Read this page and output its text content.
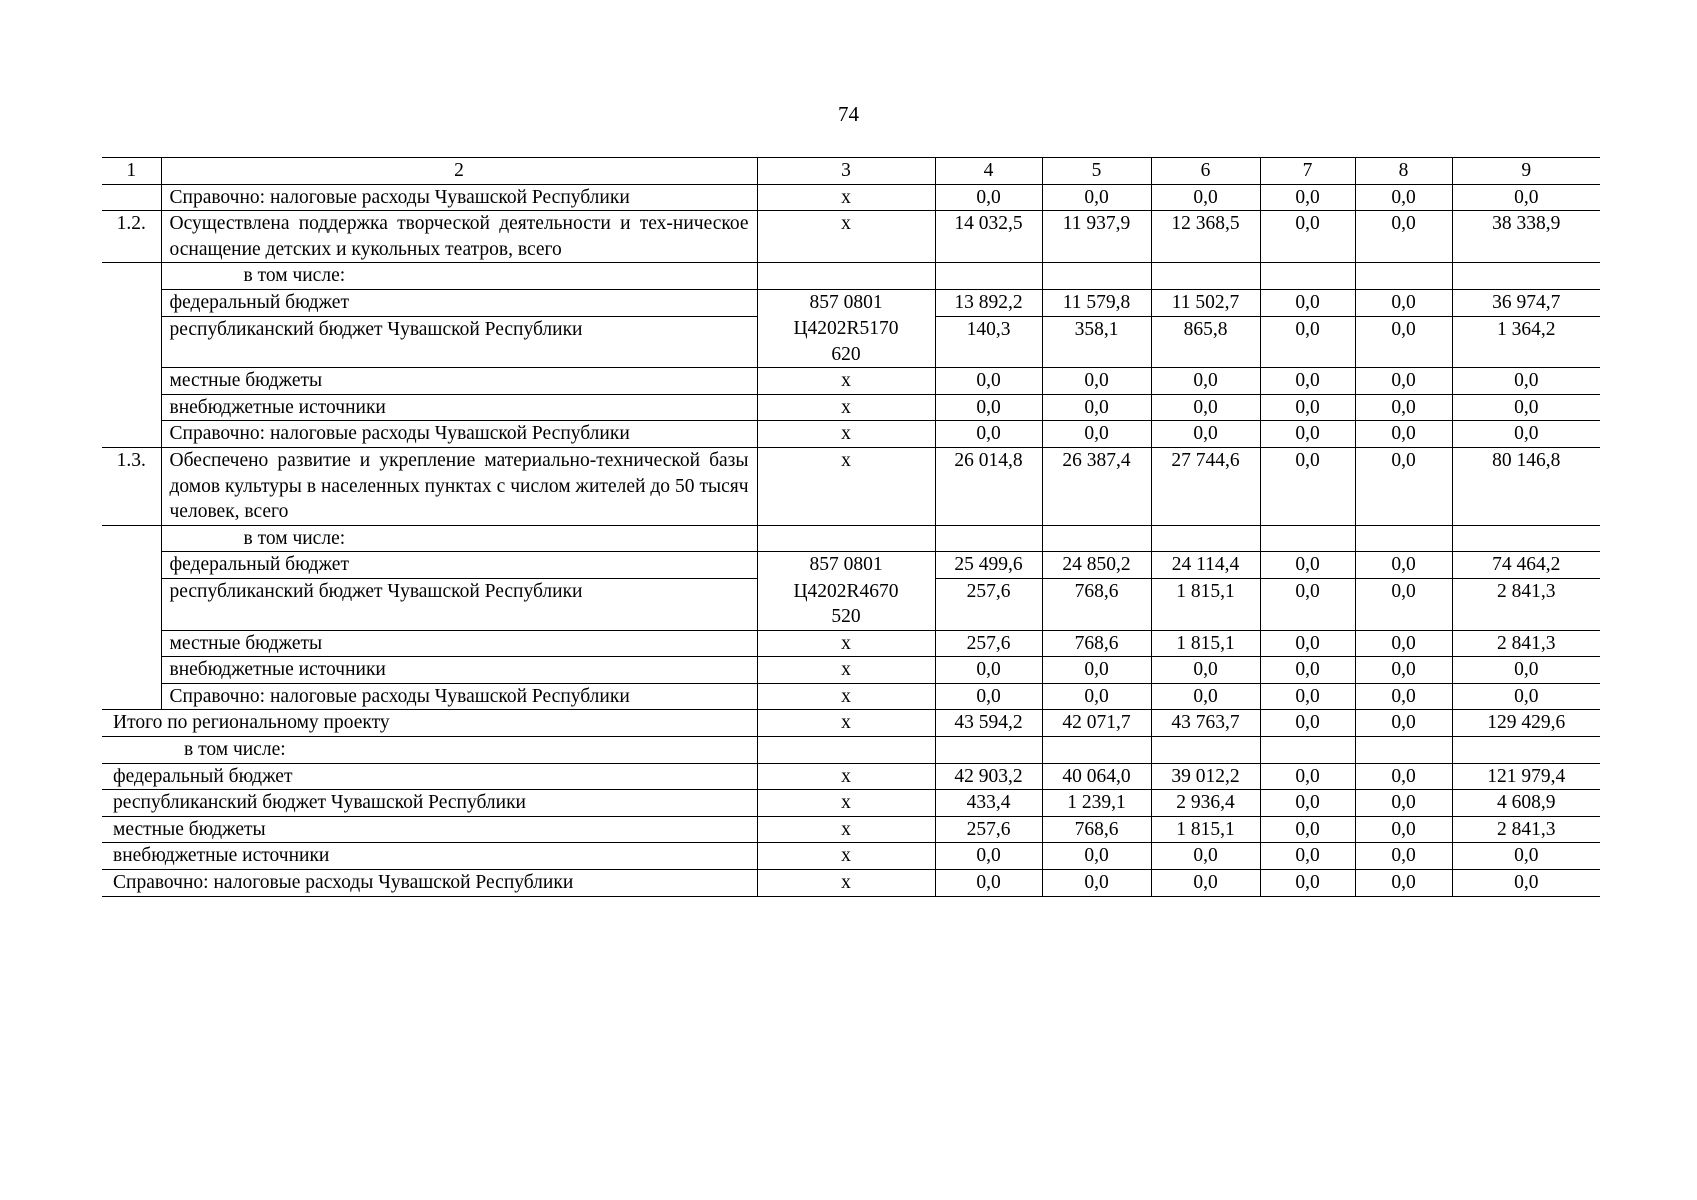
74
1	2	3	4	5	6	7	8	9
	Справочно: налоговые расходы Чувашской Республики	x	0,0	0,0	0,0	0,0	0,0	0,0
1.2.	Осуществлена поддержка творческой деятельности и тех-ническое оснащение детских и кукольных театров, всего	x	14 032,5	11 937,9	12 368,5	0,0	0,0	38 338,9
	в том числе:							
	федеральный бюджет	857 0801	13 892,2	11 579,8	11 502,7	0,0	0,0	36 974,7
	республиканский бюджет Чувашской Республики	Ц4202R5170 620	140,3	358,1	865,8	0,0	0,0	1 364,2
	местные бюджеты	x	0,0	0,0	0,0	0,0	0,0	0,0
	внебюджетные источники	x	0,0	0,0	0,0	0,0	0,0	0,0
	Справочно: налоговые расходы Чувашской Республики	x	0,0	0,0	0,0	0,0	0,0	0,0
1.3.	Обеспечено развитие и укрепление материально-технической базы домов культуры в населенных пунктах с числом жителей до 50 тысяч человек, всего	x	26 014,8	26 387,4	27 744,6	0,0	0,0	80 146,8
	в том числе:							
	федеральный бюджет	857 0801	25 499,6	24 850,2	24 114,4	0,0	0,0	74 464,2
	республиканский бюджет Чувашской Республики	Ц4202R4670 520	257,6	768,6	1 815,1	0,0	0,0	2 841,3
	местные бюджеты	x	257,6	768,6	1 815,1	0,0	0,0	2 841,3
	внебюджетные источники	x	0,0	0,0	0,0	0,0	0,0	0,0
	Справочно: налоговые расходы Чувашской Республики	x	0,0	0,0	0,0	0,0	0,0	0,0
Итого по региональному проекту		x	43 594,2	42 071,7	43 763,7	0,0	0,0	129 429,6
в том числе:								
федеральный бюджет		x	42 903,2	40 064,0	39 012,2	0,0	0,0	121 979,4
республиканский бюджет Чувашской Республики		x	433,4	1 239,1	2 936,4	0,0	0,0	4 608,9
местные бюджеты		x	257,6	768,6	1 815,1	0,0	0,0	2 841,3
внебюджетные источники		x	0,0	0,0	0,0	0,0	0,0	0,0
Справочно: налоговые расходы Чувашской Республики		x	0,0	0,0	0,0	0,0	0,0	0,0
